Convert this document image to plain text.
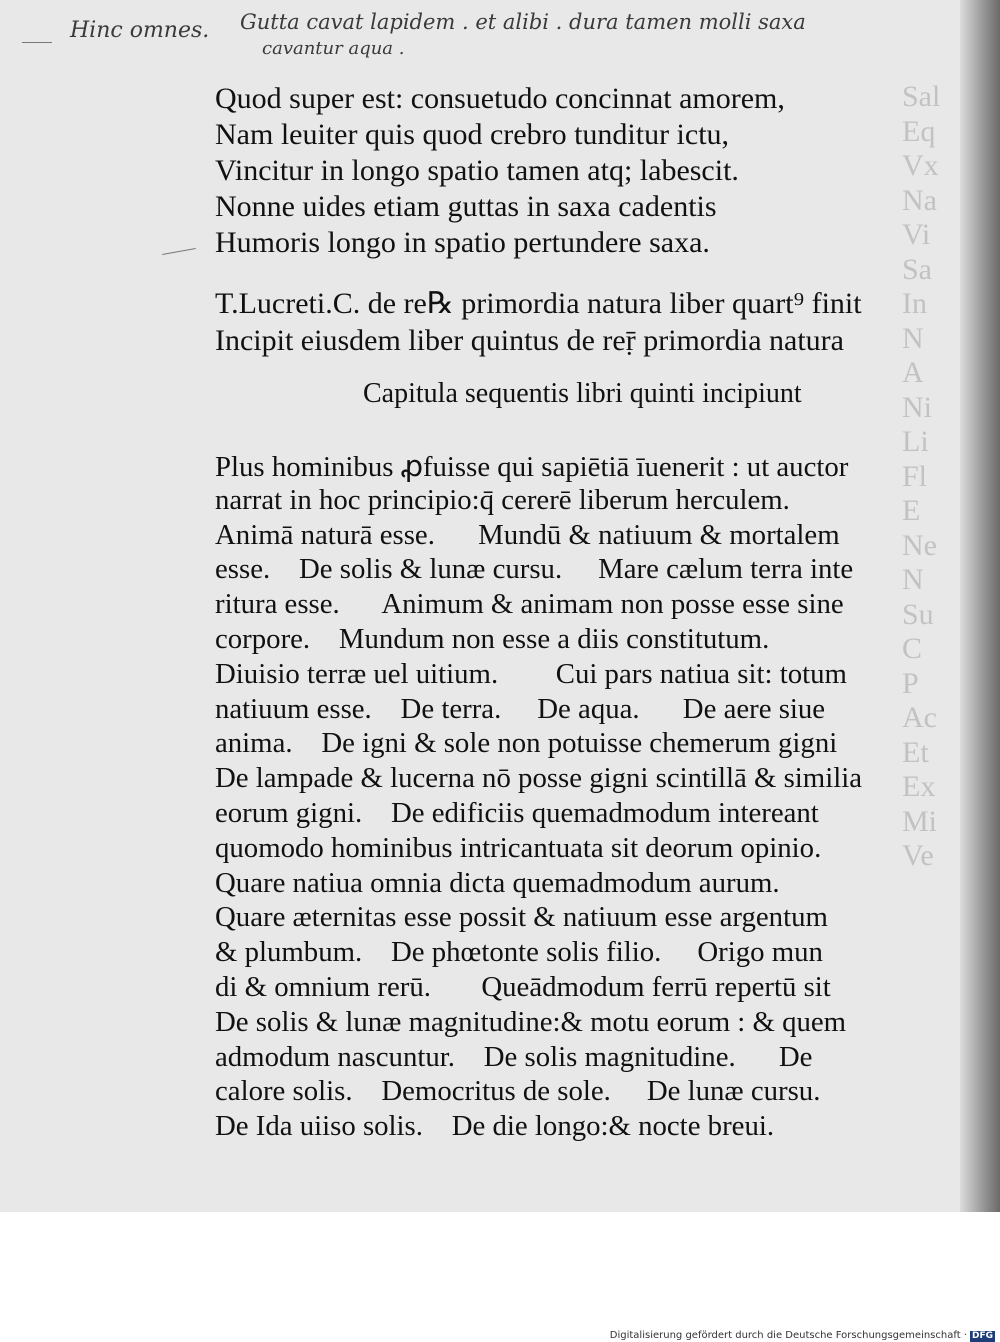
Sal
Eq
Vx
Na
Vi
Sa
In
N
A
Ni
Li
Fl
E
Ne
N
Su
C
P
Ac
Et
Ex
Mi
Ve
Hinc omnes. Gutta cavat lapidem . et alibi . dura tamen molli saxa
cavantur aqua .
Quod super est: consuetudo concinnat amorem,
Nam leuiter quis quod crebro tunditur ictu,
Vincitur in longo spatio tamen atq; labescit.
Nonne uides etiam guttas in saxa cadentis
Humoris longo in spatio pertundere saxa.
T.Lucreti.C. de re℞ primordia natura liber quart⁹ finit
Incipit eiusdem liber quintus de reṝ primordia natura
Capitula sequentis libri quinti incipiunt
Plus hominibus ꝓfuisse qui sapiētiā īuenerit : ut auctor
narrat in hoc principio:q̄ cererē liberum herculem.
Animā naturā esse.      Mundū & natiuum & mortalem
esse.    De solis & lunæ cursu.     Mare cælum terra inte
ritura esse.      Animum & animam non posse esse sine
corpore.    Mundum non esse a diis constitutum.
Diuisio terræ uel uitium.        Cui pars natiua sit: totum
natiuum esse.    De terra.     De aqua.      De aere siue
anima.    De igni & sole non potuisse chemerum gigni
De lampade & lucerna nō posse gigni scintillā & similia
eorum gigni.    De edificiis quemadmodum intereant
quomodo hominibus intricantuata sit deorum opinio.
Quare natiua omnia dicta quemadmodum aurum.
Quare æternitas esse possit & natiuum esse argentum
& plumbum.    De phœtonte solis filio.     Origo mun
di & omnium rerū.       Queādmodum ferrū repertū sit
De solis & lunæ magnitudine:& motu eorum : & quem
admodum nascuntur.    De solis magnitudine.      De
calore solis.    Democritus de sole.     De lunæ cursu.
De Ida uiiso solis.    De die longo:& nocte breui.
Digitalisierung gefördert durch die Deutsche Forschungsgemeinschaft · DFG
